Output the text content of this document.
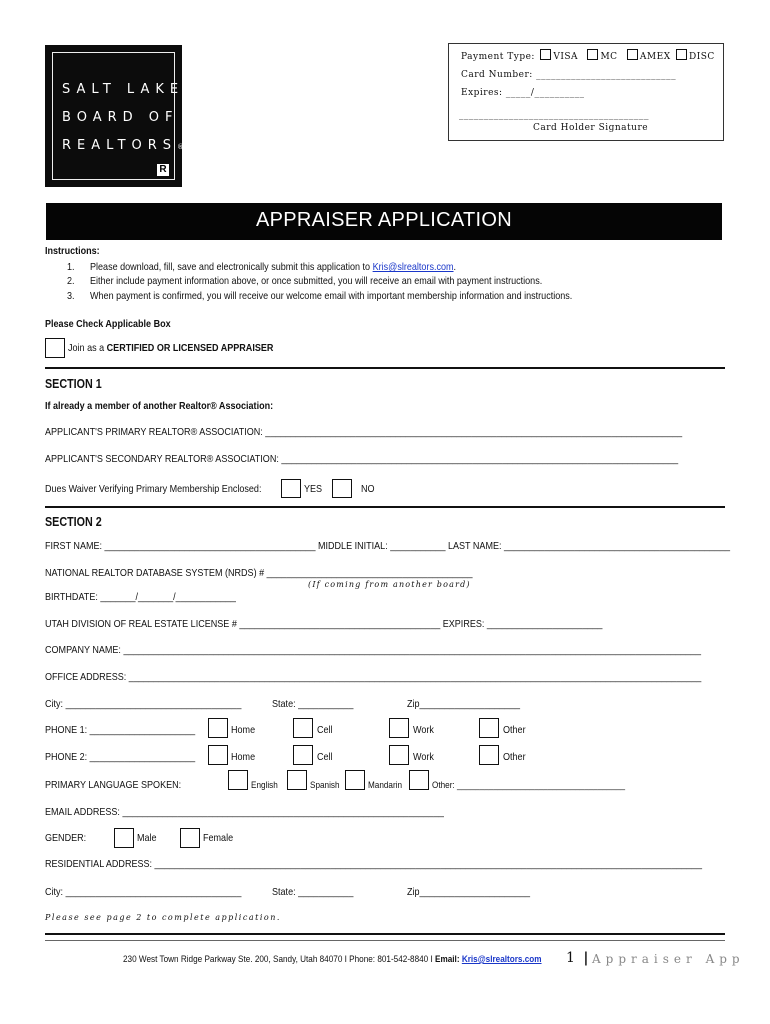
SALT LAKE
BOARD OF
REALTORS®
R
Payment Type: VISA MC AMEX DISC
Card Number: ____________________________
Expires: _____/__________
______________________________________
Card Holder Signature
APPRAISER APPLICATION
Instructions:
1. Please download, fill, save and electronically submit this application to Kris@slrealtors.com.
2. Either include payment information above, or once submitted, you will receive an email with payment instructions.
3. When payment is confirmed, you will receive our welcome email with important membership information and instructions.
Please Check Applicable Box
Join as a CERTIFIED OR LICENSED APPRAISER
SECTION 1
If already a member of another Realtor® Association:
APPLICANT'S PRIMARY REALTOR® ASSOCIATION: ___________________________________________________________________________________
APPLICANT'S SECONDARY REALTOR® ASSOCIATION: _______________________________________________________________________________
Dues Waiver Verifying Primary Membership Enclosed:	YES	NO
SECTION 2
FIRST NAME: __________________________________________ MIDDLE INITIAL: ___________ LAST NAME: _____________________________________________
NATIONAL REALTOR DATABASE SYSTEM (NRDS) # _________________________________________
(If coming from another board)
BIRTHDATE: _______/_______/____________
UTAH DIVISION OF REAL ESTATE LICENSE # ________________________________________ EXPIRES: _______________________
COMPANY NAME: ___________________________________________________________________________________________________________________
OFFICE ADDRESS: __________________________________________________________________________________________________________________
City: ___________________________________	State: ___________	Zip____________________
PHONE 1: _____________________	Home	Cell	Work	Other
PHONE 2: _____________________	Home	Cell	Work	Other
PRIMARY LANGUAGE SPOKEN:	English	Spanish	Mandarin	Other: _____________________________________
EMAIL ADDRESS: ________________________________________________________________
GENDER:	Male	Female
RESIDENTIAL ADDRESS: _____________________________________________________________________________________________________________
City: ___________________________________	State: ___________	Zip______________________
Please see page 2 to complete application.
230 West Town Ridge Parkway Ste. 200, Sandy, Utah 84070 I Phone: 801-542-8840 I Email: Kris@slrealtors.com 1 | Appraiser App
